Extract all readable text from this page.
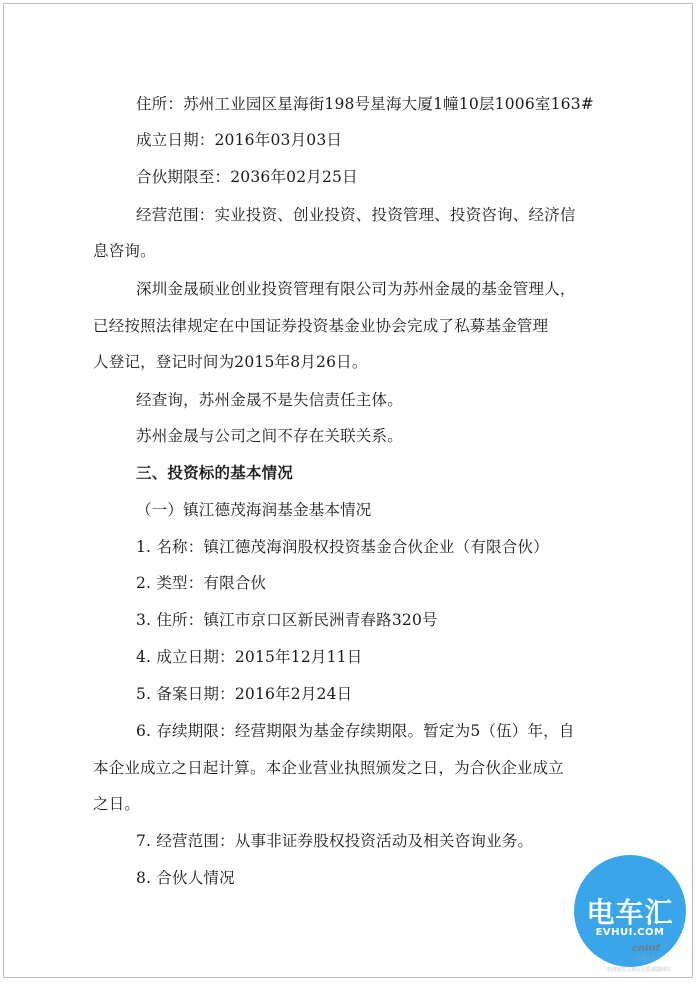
住所：苏州工业园区星海街198号星海大厦1幢10层1006室163#
成立日期：2016年03月03日
合伙期限至：2036年02月25日
经营范围：实业投资、创业投资、投资管理、投资咨询、经济信
息咨询。
深圳金晟硕业创业投资管理有限公司为苏州金晟的基金管理人，
已经按照法律规定在中国证券投资基金业协会完成了私募基金管理
人登记，登记时间为2015年8月26日。
经查询，苏州金晟不是失信责任主体。
苏州金晟与公司之间不存在关联关系。
三、投资标的基本情况
（一）镇江德茂海润基金基本情况
1. 名称：镇江德茂海润股权投资基金合伙企业（有限合伙）
2. 类型：有限合伙
3. 住所：镇江市京口区新民洲青春路320号
4. 成立日期：2015年12月11日
5. 备案日期：2016年2月24日
6. 存续期限：经营期限为基金存续期限。暂定为5（伍）年，自
本企业成立之日起计算。本企业营业执照颁发之日，为合伙企业成立
之日。
7. 经营范围：从事非证券股权投资活动及相关咨询业务。
8. 合伙人情况
电车汇
EVHUI.COM
cninf
巨潮资讯
中国证监会指定信息披露网站
